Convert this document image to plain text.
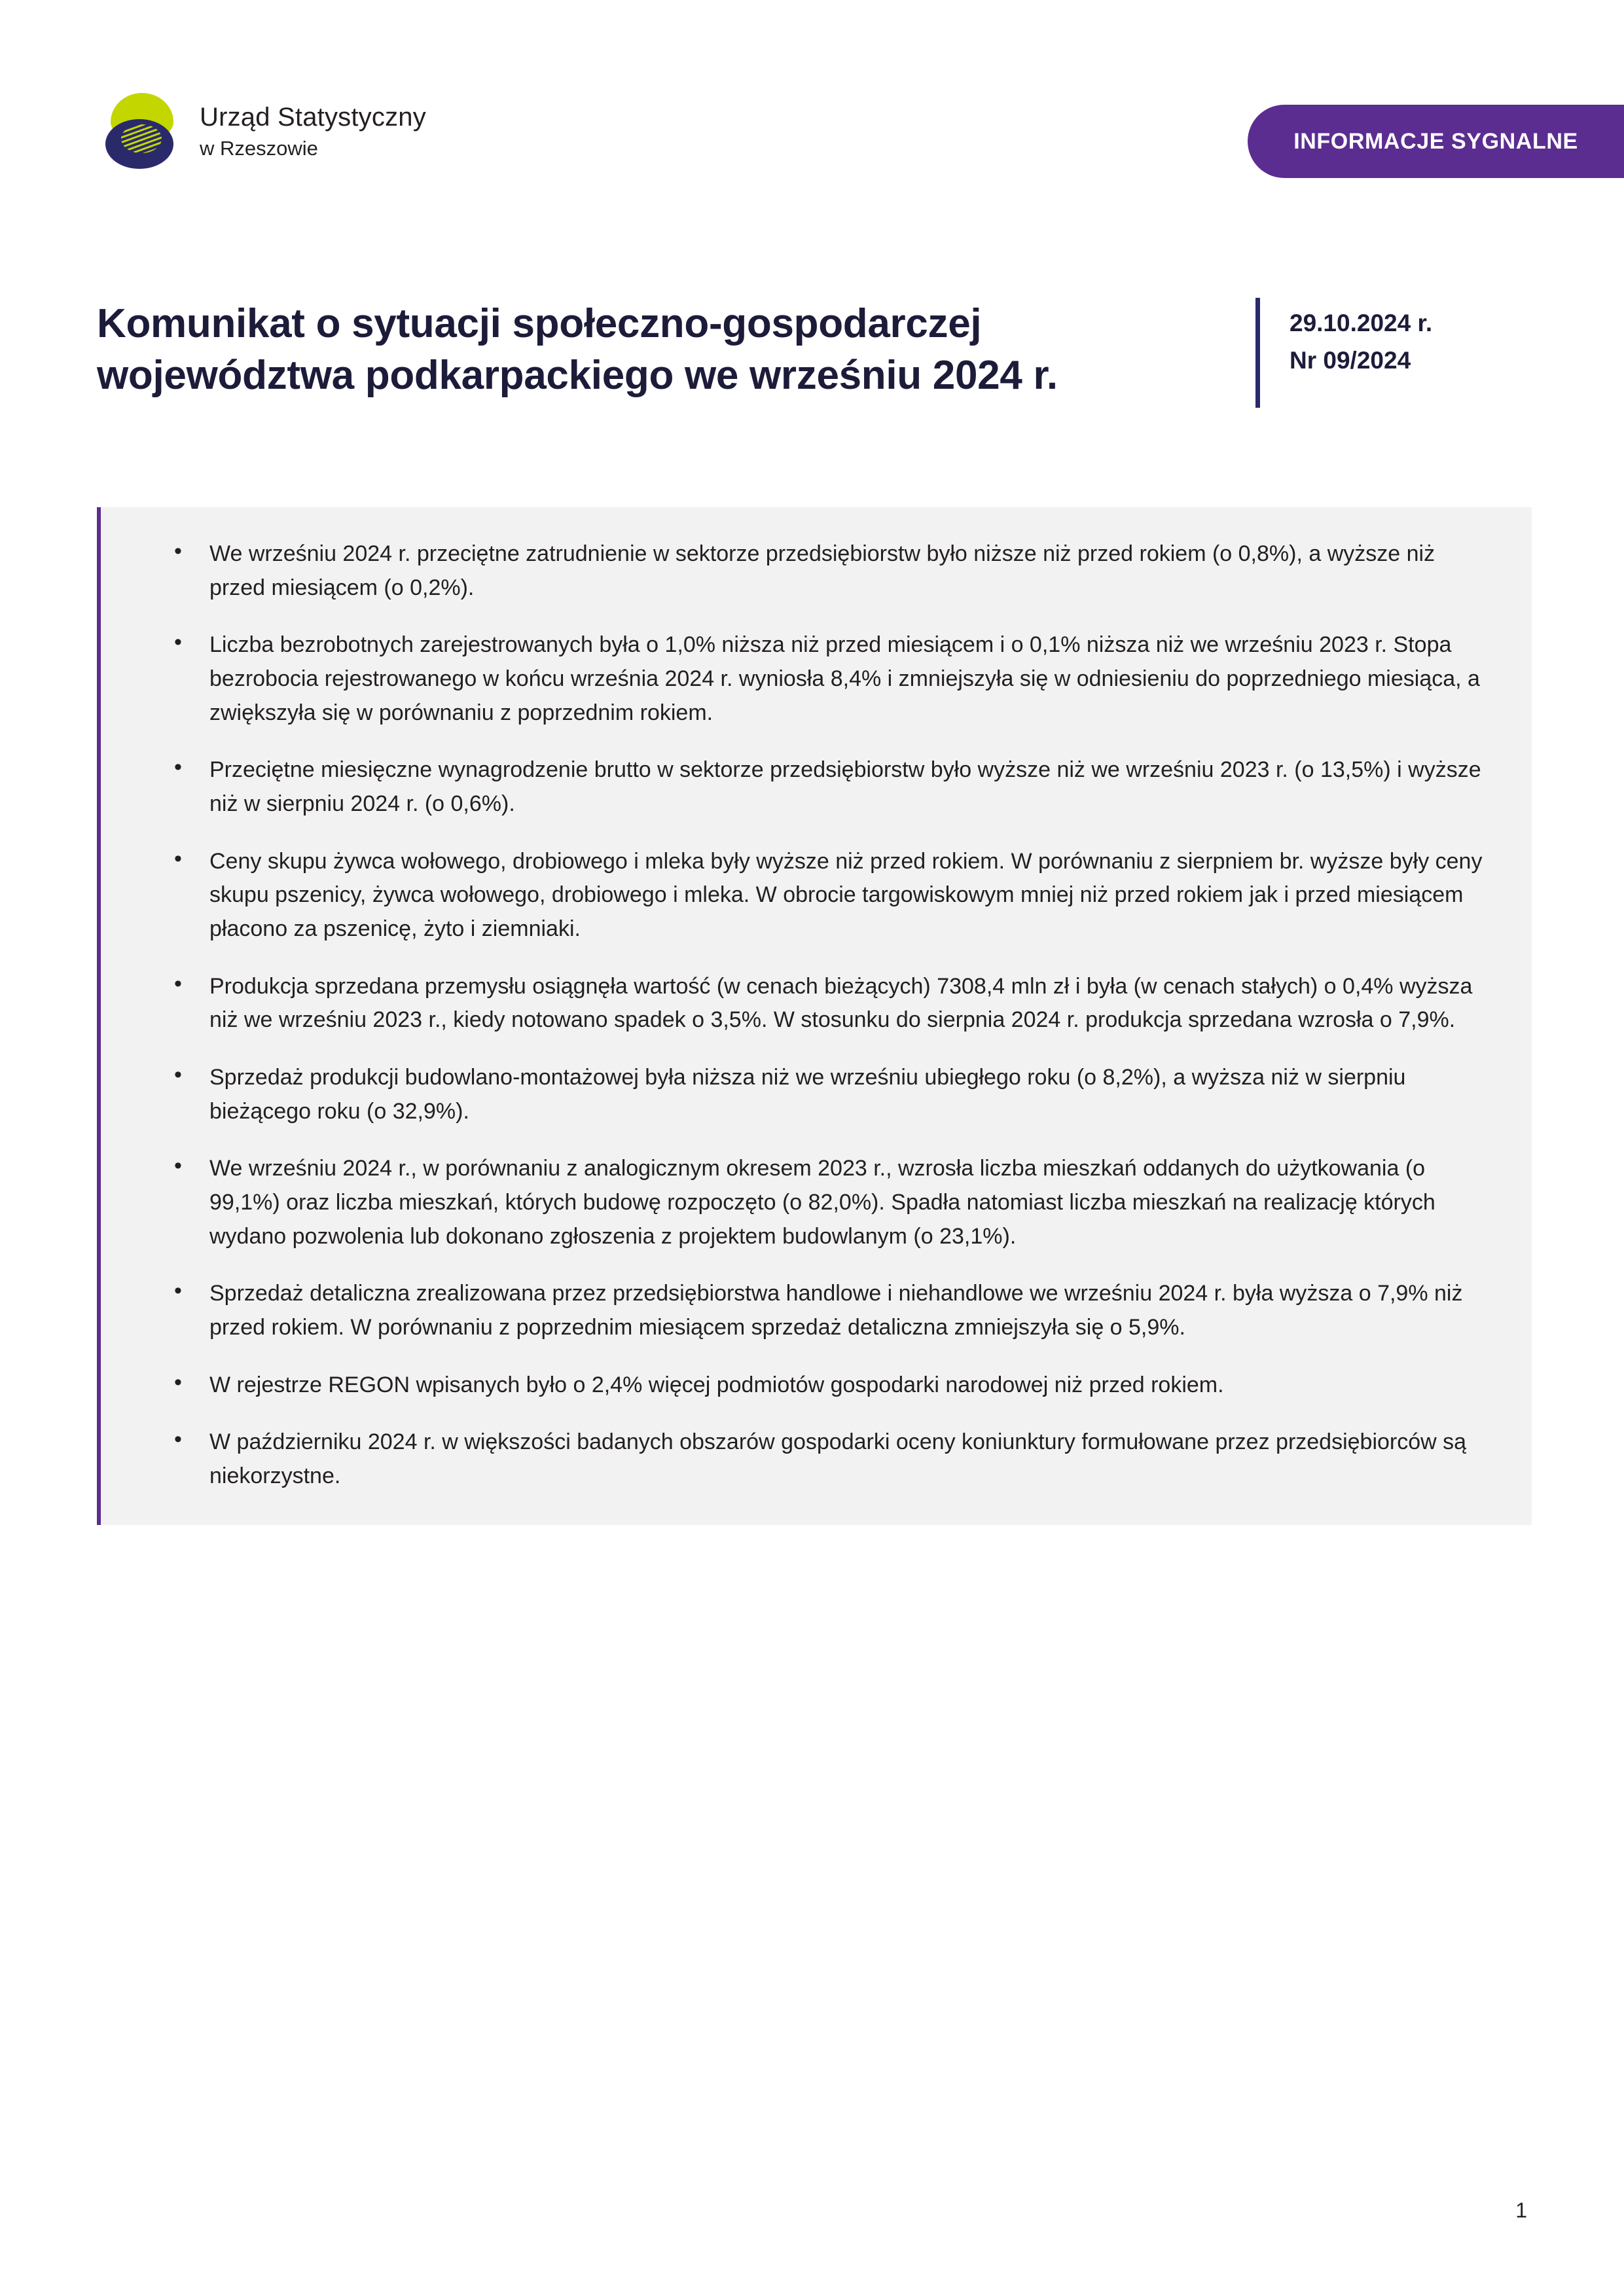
Urząd Statystyczny
w Rzeszowie	INFORMACJE SYGNALNE
Komunikat o sytuacji społeczno-gospodarczej
województwa podkarpackiego we wrześniu 2024 r.
29.10.2024 r.
Nr 09/2024
• We wrześniu 2024 r. przeciętne zatrudnienie w sektorze przedsiębiorstw było niższe niż przed rokiem (o 0,8%), a wyższe niż przed miesiącem (o 0,2%).
• Liczba bezrobotnych zarejestrowanych była o 1,0% niższa niż przed miesiącem i o 0,1% niższa niż we wrześniu 2023 r. Stopa bezrobocia rejestrowanego w końcu września 2024 r. wyniosła 8,4% i zmniejszyła się w odniesieniu do poprzedniego miesiąca, a zwiększyła się w porównaniu z poprzednim rokiem.
• Przeciętne miesięczne wynagrodzenie brutto w sektorze przedsiębiorstw było wyższe niż we wrześniu 2023 r. (o 13,5%) i wyższe niż w sierpniu 2024 r. (o 0,6%).
• Ceny skupu żywca wołowego, drobiowego i mleka były wyższe niż przed rokiem. W porównaniu z sierpniem br. wyższe były ceny skupu pszenicy, żywca wołowego, drobiowego i mleka. W obrocie targowiskowym mniej niż przed rokiem jak i przed miesiącem płacono za pszenicę, żyto i ziemniaki.
• Produkcja sprzedana przemysłu osiągnęła wartość (w cenach bieżących) 7308,4 mln zł i była (w cenach stałych) o 0,4% wyższa niż we wrześniu 2023 r., kiedy notowano spadek o 3,5%. W stosunku do sierpnia 2024 r. produkcja sprzedana wzrosła o 7,9%.
• Sprzedaż produkcji budowlano-montażowej była niższa niż we wrześniu ubiegłego roku (o 8,2%), a wyższa niż w sierpniu bieżącego roku (o 32,9%).
• We wrześniu 2024 r., w porównaniu z analogicznym okresem 2023 r., wzrosła liczba mieszkań oddanych do użytkowania (o 99,1%) oraz liczba mieszkań, których budowę rozpoczęto (o 82,0%). Spadła natomiast liczba mieszkań na realizację których wydano pozwolenia lub dokonano zgłoszenia z projektem budowlanym (o 23,1%).
• Sprzedaż detaliczna zrealizowana przez przedsiębiorstwa handlowe i niehandlowe we wrześniu 2024 r. była wyższa o 7,9% niż przed rokiem. W porównaniu z poprzednim miesiącem sprzedaż detaliczna zmniejszyła się o 5,9%.
• W rejestrze REGON wpisanych było o 2,4% więcej podmiotów gospodarki narodowej niż przed rokiem.
• W październiku 2024 r. w większości badanych obszarów gospodarki oceny koniunktury formułowane przez przedsiębiorców są niekorzystne.
1
